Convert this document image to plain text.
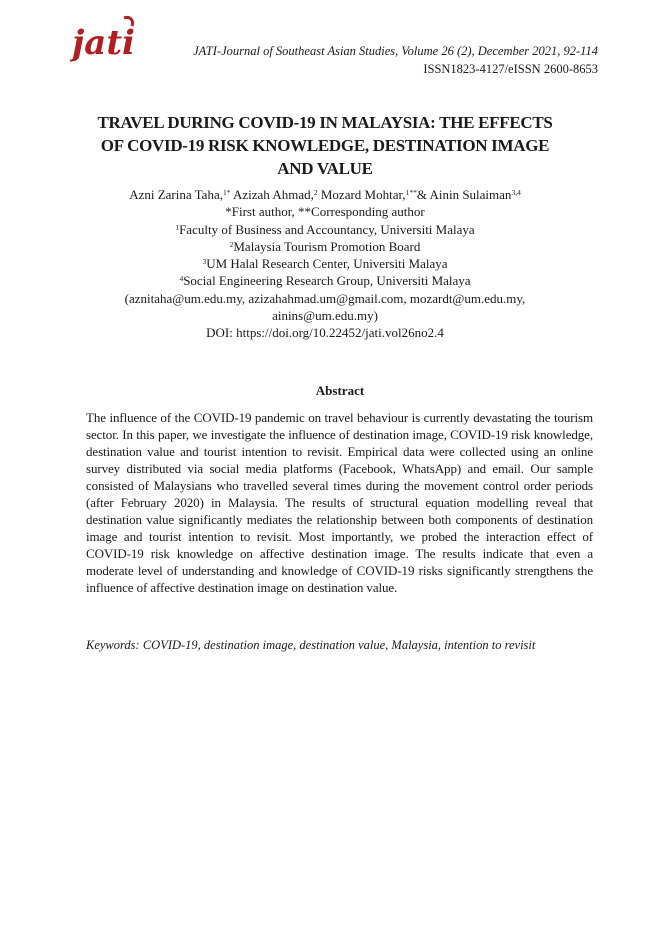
jati	JATI-Journal of Southeast Asian Studies, Volume 26 (2), December 2021, 92-114
ISSN1823-4127/eISSN 2600-8653
TRAVEL DURING COVID-19 IN MALAYSIA: THE EFFECTS
OF COVID-19 RISK KNOWLEDGE, DESTINATION IMAGE
AND VALUE
Azni Zarina Taha,$^{1*}$ Azizah Ahmad,$^2$ Mozard Mohtar,$^{1**}$& Ainin Sulaiman$^{3,4}$
*First author, **Corresponding author
$^1$Faculty of Business and Accountancy, Universiti Malaya
$^2$Malaysia Tourism Promotion Board
$^3$UM Halal Research Center, Universiti Malaya
$^4$Social Engineering Research Group, Universiti Malaya
(aznitaha@um.edu.my, azizahahmad.um@gmail.com, mozardt@um.edu.my,
ainins@um.edu.my)
DOI: https://doi.org/10.22452/jati.vol26no2.4
Abstract
The influence of the COVID-19 pandemic on travel behaviour is currently devastating the tourism sector. In this paper, we investigate the influence of destination image, COVID-19 risk knowledge, destination value and tourist intention to revisit. Empirical data were collected using an online survey distributed via social media platforms (Facebook, WhatsApp) and email. Our sample consisted of Malaysians who travelled several times during the movement control order periods (after February 2020) in Malaysia. The results of structural equation modelling reveal that destination value significantly mediates the relationship between both components of destination image and tourist intention to revisit. Most importantly, we probed the interaction effect of COVID-19 risk knowledge on affective destination image. The results indicate that even a moderate level of understanding and knowledge of COVID-19 risks significantly strengthens the influence of affective destination image on destination value.
Keywords: COVID-19, destination image, destination value, Malaysia, intention to revisit
